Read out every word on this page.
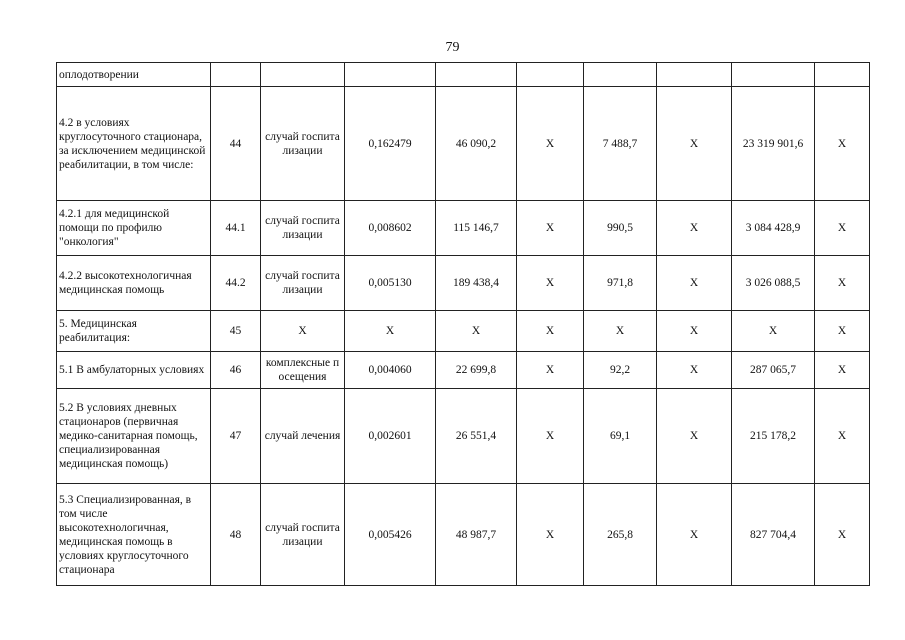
79
оплодотворении									
4.2 в условиях круглосуточного стационара, за исключением медицинской реабилитации, в том числе:	44	случай госпитализации	0,162479	46 090,2	X	7 488,7	X	23 319 901,6	X
4.2.1 для медицинской помощи по профилю "онкология"	44.1	случай госпитализации	0,008602	115 146,7	X	990,5	X	3 084 428,9	X
4.2.2 высокотехнологичная медицинская помощь	44.2	случай госпитализации	0,005130	189 438,4	X	971,8	X	3 026 088,5	X
5. Медицинская реабилитация:	45	X	X	X	X	X	X	X	X
5.1 В амбулаторных условиях	46	комплексные посещения	0,004060	22 699,8	X	92,2	X	287 065,7	X
5.2 В условиях дневных стационаров (первичная медико-санитарная помощь, специализированная медицинская помощь)	47	случай лечения	0,002601	26 551,4	X	69,1	X	215 178,2	X
5.3 Специализированная, в том числе высокотехнологичная, медицинская помощь в условиях круглосуточного стационара	48	случай госпитализации	0,005426	48 987,7	X	265,8	X	827 704,4	X
